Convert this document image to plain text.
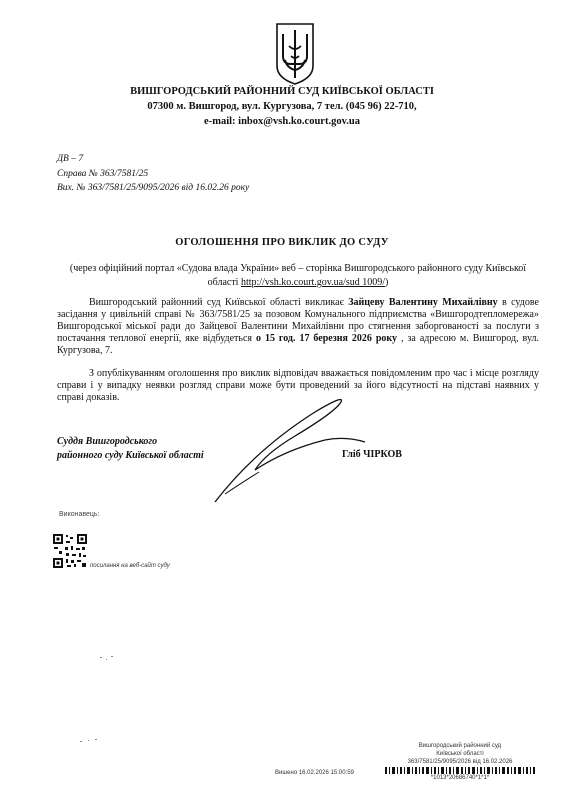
ВИШГОРОДСЬКИЙ РАЙОННИЙ СУД КИЇВСЬКОЇ ОБЛАСТІ
07300 м. Вишгород, вул. Кургузова, 7 тел. (045 96) 22-710,
e-mail: inbox@vsh.ko.court.gov.ua
ДВ – 7
Справа № 363/7581/25
Вих. № 363/7581/25/9095/2026 від 16.02.26 року
ОГОЛОШЕННЯ ПРО ВИКЛИК ДО СУДУ
(через офіційний портал «Судова влада України» веб – сторінка Вишгородського районного суду Київської області http://vsh.ko.court.gov.ua/sud 1009/)
Вишгородський районний суд Київської області викликає Зайцеву Валентину Михайлівну в судове засідання у цивільній справі № 363/7581/25 за позовом Комунального підприємства «Вишгородтепломережа» Вишгородської міської ради до Зайцевої Валентини Михайлівни про стягнення заборгованості за послуги з постачання теплової енергії, яке відбудеться о 15 год. 17 березня 2026 року , за адресою м. Вишгород, вул. Кургузова, 7.
З опублікуванням оголошення про виклик відповідач вважається повідомленим про час і місце розгляду справи і у випадку неявки розгляд справи може бути проведений за його відсутності на підставі наявних у справі доказів.
Суддя Вишгородського
районного суду Київської області	Гліб ЧІРКОВ
Виконавець:
посилання на веб-сайт суду
Вишгородський районний суд
Київської області
363/7581/25/9095/2026 від 16.02.2026
*1013*20686740*1*1*
Вишено 16.02.2026 15:00:59
